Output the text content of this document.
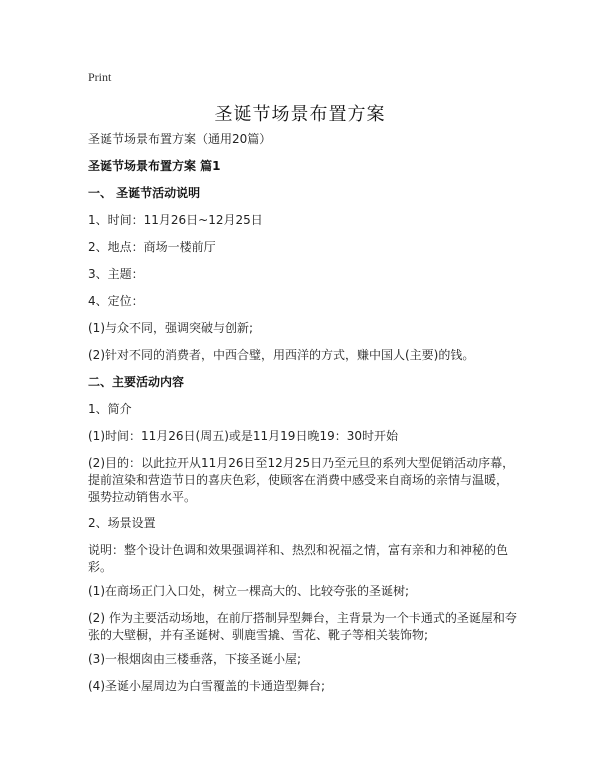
Print
圣诞节场景布置方案
圣诞节场景布置方案（通用20篇）
圣诞节场景布置方案 篇1
一、 圣诞节活动说明
1、时间：11月26日~12月25日
2、地点：商场一楼前厅
3、主题：
4、定位：
(1)与众不同，强调突破与创新;
(2)针对不同的消费者，中西合璧，用西洋的方式，赚中国人(主要)的钱。
二、主要活动内容
1、简介
(1)时间：11月26日(周五)或是11月19日晚19：30时开始
(2)目的：以此拉开从11月26日至12月25日乃至元旦的系列大型促销活动序幕，提前渲染和营造节日的喜庆色彩，使顾客在消费中感受来自商场的亲情与温暖，强势拉动销售水平。
2、场景设置
说明：整个设计色调和效果强调祥和、热烈和祝福之情，富有亲和力和神秘的色彩。
(1)在商场正门入口处，树立一棵高大的、比较夸张的圣诞树;
(2) 作为主要活动场地，在前厅搭制异型舞台，主背景为一个卡通式的圣诞屋和夸张的大壁橱，并有圣诞树、驯鹿雪撬、雪花、靴子等相关装饰物;
(3)一根烟囱由三楼垂落，下接圣诞小屋;
(4)圣诞小屋周边为白雪覆盖的卡通造型舞台;
